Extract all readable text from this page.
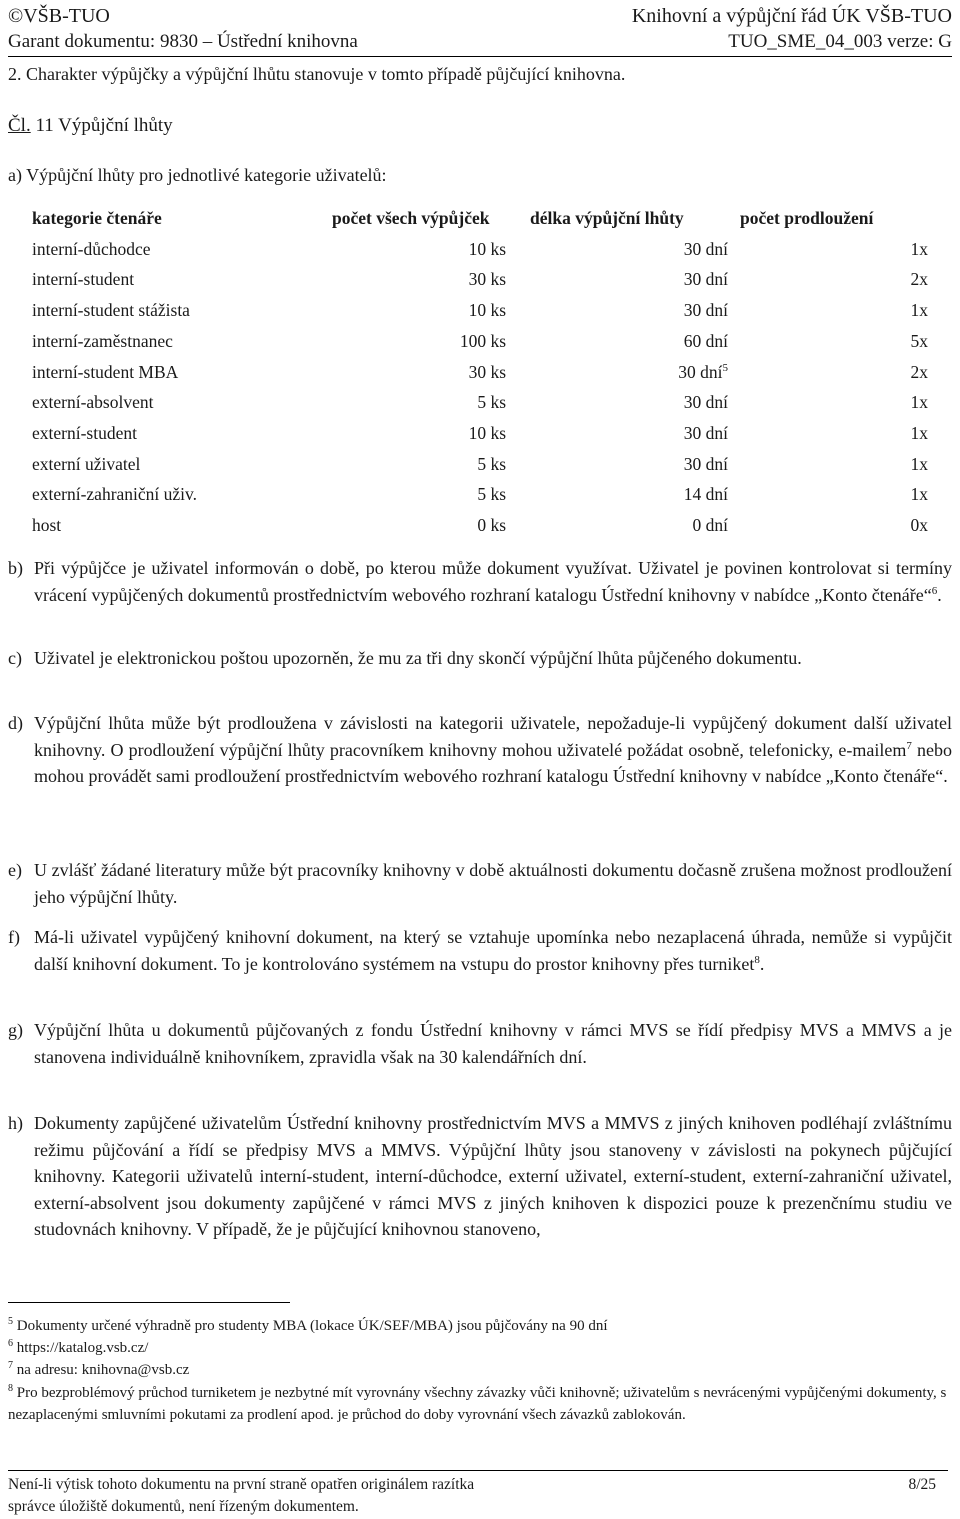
©VŠB-TUO	Knihovní a výpůjční řád ÚK VŠB-TUO
Garant dokumentu: 9830 – Ústřední knihovna	TUO_SME_04_003 verze: G
2. Charakter výpůjčky a výpůjční lhůtu stanovuje v tomto případě půjčující knihovna.
Čl. 11 Výpůjční lhůty
a) Výpůjční lhůty pro jednotlivé kategorie uživatelů:
kategorie čtenáře	počet všech výpůjček	délka výpůjční lhůty	počet prodloužení
interní-důchodce	10 ks	30 dní	1x
interní-student	30 ks	30 dní	2x
interní-student stážista	10 ks	30 dní	1x
interní-zaměstnanec	100 ks	60 dní	5x
interní-student MBA	30 ks	30 dní$^5$	2x
externí-absolvent	5 ks	30 dní	1x
externí-student	10 ks	30 dní	1x
externí uživatel	5 ks	30 dní	1x
externí-zahraniční uživ.	5 ks	14 dní	1x
host	0 ks	0 dní	0x
b) Při výpůjčce je uživatel informován o době, po kterou může dokument využívat. Uživatel je povinen kontrolovat si termíny vrácení vypůjčených dokumentů prostřednictvím webového rozhraní katalogu Ústřední knihovny v nabídce „Konto čtenáře“$^6$.
c) Uživatel je elektronickou poštou upozorněn, že mu za tři dny skončí výpůjční lhůta půjčeného dokumentu.
d) Výpůjční lhůta může být prodloužena v závislosti na kategorii uživatele, nepožaduje-li vypůjčený dokument další uživatel knihovny. O prodloužení výpůjční lhůty pracovníkem knihovny mohou uživatelé požádat osobně, telefonicky, e-mailem$^7$ nebo mohou provádět sami prodloužení prostřednictvím webového rozhraní katalogu Ústřední knihovny v nabídce „Konto čtenáře“.
e) U zvlášť žádané literatury může být pracovníky knihovny v době aktuálnosti dokumentu dočasně zrušena možnost prodloužení jeho výpůjční lhůty.
f) Má-li uživatel vypůjčený knihovní dokument, na který se vztahuje upomínka nebo nezaplacená úhrada, nemůže si vypůjčit další knihovní dokument. To je kontrolováno systémem na vstupu do prostor knihovny přes turniket$^8$.
g) Výpůjční lhůta u dokumentů půjčovaných z fondu Ústřední knihovny v rámci MVS se řídí předpisy MVS a MMVS a je stanovena individuálně knihovníkem, zpravidla však na 30 kalendářních dní.
h) Dokumenty zapůjčené uživatelům Ústřední knihovny prostřednictvím MVS a MMVS z jiných knihoven podléhají zvláštnímu režimu půjčování a řídí se předpisy MVS a MMVS. Výpůjční lhůty jsou stanoveny v závislosti na pokynech půjčující knihovny. Kategorii uživatelů interní-student, interní-důchodce, externí uživatel, externí-student, externí-zahraniční uživatel, externí-absolvent jsou dokumenty zapůjčené v rámci MVS z jiných knihoven k dispozici pouze k prezenčnímu studiu ve studovnách knihovny. V případě, že je půjčující knihovnou stanoveno,
$^5$ Dokumenty určené výhradně pro studenty MBA (lokace ÚK/SEF/MBA) jsou půjčovány na 90 dní
$^6$ https://katalog.vsb.cz/
$^7$ na adresu: knihovna@vsb.cz
$^8$ Pro bezproblémový průchod turniketem je nezbytné mít vyrovnány všechny závazky vůči knihovně; uživatelům s nevrácenými vypůjčenými dokumenty, s nezaplacenými smluvními pokutami za prodlení apod. je průchod do doby vyrovnání všech závazků zablokován.
Není-li výtisk tohoto dokumentu na první straně opatřen originálem razítka	8/25
správce úložiště dokumentů, není řízeným dokumentem.
